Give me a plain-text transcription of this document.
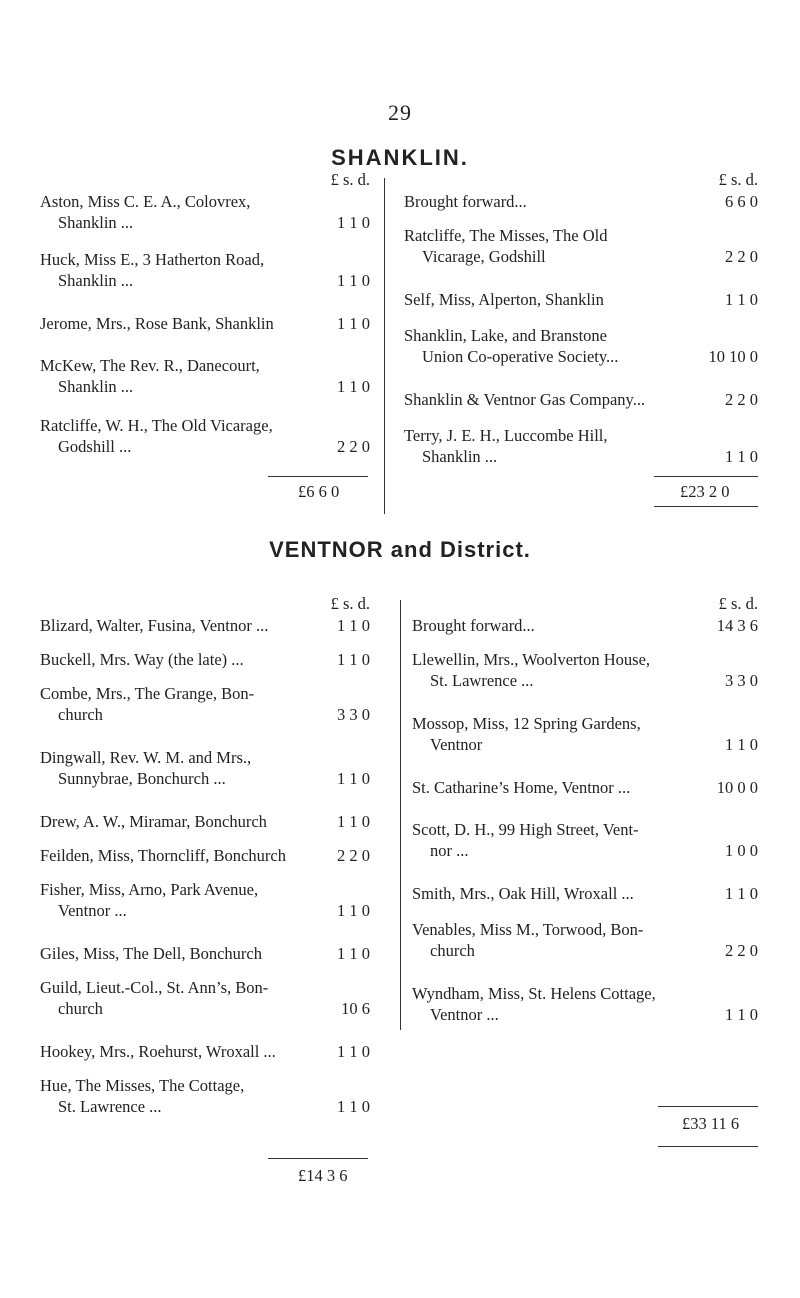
29
SHANKLIN.
£ s. d.
Aston, Miss C. E. A., Colovrex,
Shanklin ...	1 1 0
Huck, Miss E., 3 Hatherton Road,
Shanklin ...	1 1 0
Jerome, Mrs., Rose Bank, Shanklin	1 1 0
McKew, The Rev. R., Danecourt,
Shanklin ...	1 1 0
Ratcliffe, W. H., The Old Vicarage,
Godshill ...	2 2 0
£6 6 0
£ s. d.
Brought forward...	6 6 0
Ratcliffe, The Misses, The Old
Vicarage, Godshill	2 2 0
Self, Miss, Alperton, Shanklin	1 1 0
Shanklin, Lake, and Branstone
Union Co-operative Society...	10 10 0
Shanklin & Ventnor Gas Company...	2 2 0
Terry, J. E. H., Luccombe Hill,
Shanklin ...	1 1 0
£23 2 0
VENTNOR and District.
£ s. d.
Blizard, Walter, Fusina, Ventnor ...	1 1 0
Buckell, Mrs. Way (the late) ...	1 1 0
Combe, Mrs., The Grange, Bon-
church	3 3 0
Dingwall, Rev. W. M. and Mrs.,
Sunnybrae, Bonchurch ...	1 1 0
Drew, A. W., Miramar, Bonchurch	1 1 0
Feilden, Miss, Thorncliff, Bonchurch	2 2 0
Fisher, Miss, Arno, Park Avenue,
Ventnor ...	1 1 0
Giles, Miss, The Dell, Bonchurch	1 1 0
Guild, Lieut.-Col., St. Ann’s, Bon-
church	10 6
Hookey, Mrs., Roehurst, Wroxall ...	1 1 0
Hue, The Misses, The Cottage,
St. Lawrence ...	1 1 0
£14 3 6
£ s. d.
Brought forward...	14 3 6
Llewellin, Mrs., Woolverton House,
St. Lawrence ...	3 3 0
Mossop, Miss, 12 Spring Gardens,
Ventnor	1 1 0
St. Catharine’s Home, Ventnor ...	10 0 0
Scott, D. H., 99 High Street, Vent-
nor ...	1 0 0
Smith, Mrs., Oak Hill, Wroxall ...	1 1 0
Venables, Miss M., Torwood, Bon-
church	2 2 0
Wyndham, Miss, St. Helens Cottage,
Ventnor ...	1 1 0
£33 11 6
